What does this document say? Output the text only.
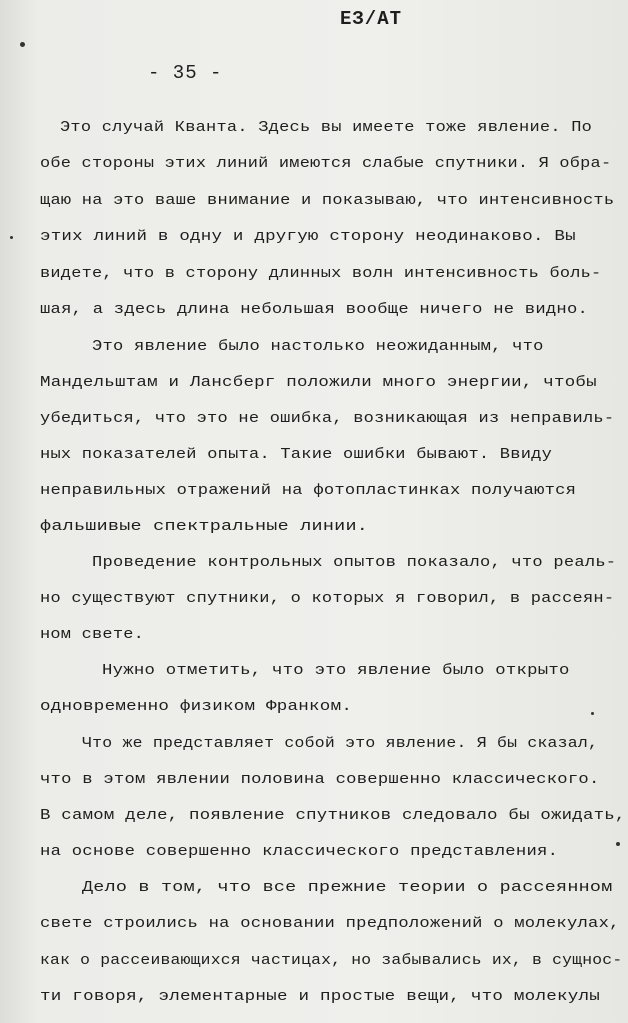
ЕЗ/АТ
- 35 -
Это случай Кванта. Здесь вы имеете тоже явление. По
обе стороны этих линий имеются слабые спутники. Я обра-
щаю на это ваше внимание и показываю, что интенсивность
этих линий в одну и другую сторону неодинаково. Вы
видете, что в сторону длинных волн интенсивность боль-
шая, а здесь длина небольшая вообще ничего не видно.
Это явление было настолько неожиданным, что
Мандельштам и Лансберг положили много энергии, чтобы
убедиться, что это не ошибка, возникающая из неправиль-
ных показателей опыта. Такие ошибки бывают. Ввиду
неправильных отражений на фотопластинках получаются
фальшивые спектральные линии.
Проведение контрольных опытов показало, что реаль-
но существуют спутники, о которых я говорил, в рассеян-
ном свете.
Нужно отметить, что это явление было открыто
одновременно физиком Франком.
Что же представляет собой это явление. Я бы сказал,
что в этом явлении половина совершенно классического.
В самом деле, появление спутников следовало бы ожидать,
на основе совершенно классического представления.
Дело в том, что все прежние теории о рассеянном
свете строились на основании предположений о молекулах,
как о рассеивающихся частицах, но забывались их, в сущнос-
ти говоря, элементарные и простые вещи, что молекулы
